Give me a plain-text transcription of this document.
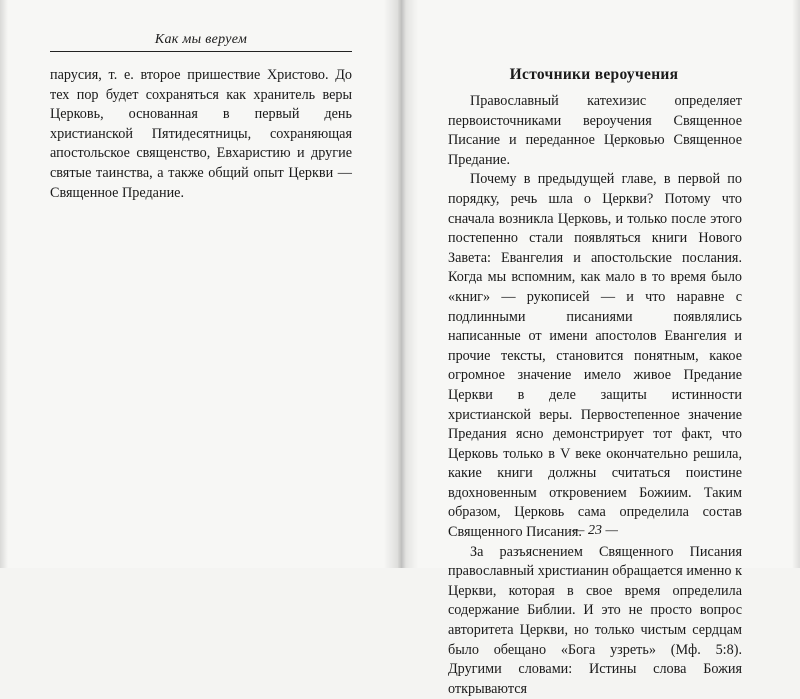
Как мы веруем

парусия, т. е. второе пришествие Христово. До тех пор будет сохраняться как хранитель веры Церковь, основанная в первый день христианской Пятидесятницы, сохраняющая апостольское священство, Евхаристию и другие святые таинства, а также общий опыт Церкви — Священное Предание.

Источники вероучения

Православный катехизис определяет первоисточниками вероучения Священное Писание и переданное Церковью Священное Предание.

Почему в предыдущей главе, в первой по порядку, речь шла о Церкви? Потому что сначала возникла Церковь, и только после этого постепенно стали появляться книги Нового Завета: Евангелия и апостольские послания. Когда мы вспомним, как мало в то время было «книг» — рукописей — и что наравне с подлинными писаниями появлялись написанные от имени апостолов Евангелия и прочие тексты, становится понятным, какое огромное значение имело живое Предание Церкви в деле защиты истинности христианской веры. Первостепенное значение Предания ясно демонстрирует тот факт, что Церковь только в V веке окончательно решила, какие книги должны считаться поистине вдохновенным откровением Божиим. Таким образом, Церковь сама определила состав Священного Писания.

За разъяснением Священного Писания православный христианин обращается именно к Церкви, которая в свое время определила содержание Библии. И это не просто вопрос авторитета Церкви, но только чистым сердцам было обещано «Бога узреть» (Мф. 5:8). Другими словами: Истины слова Божия открываются

— 23 —
